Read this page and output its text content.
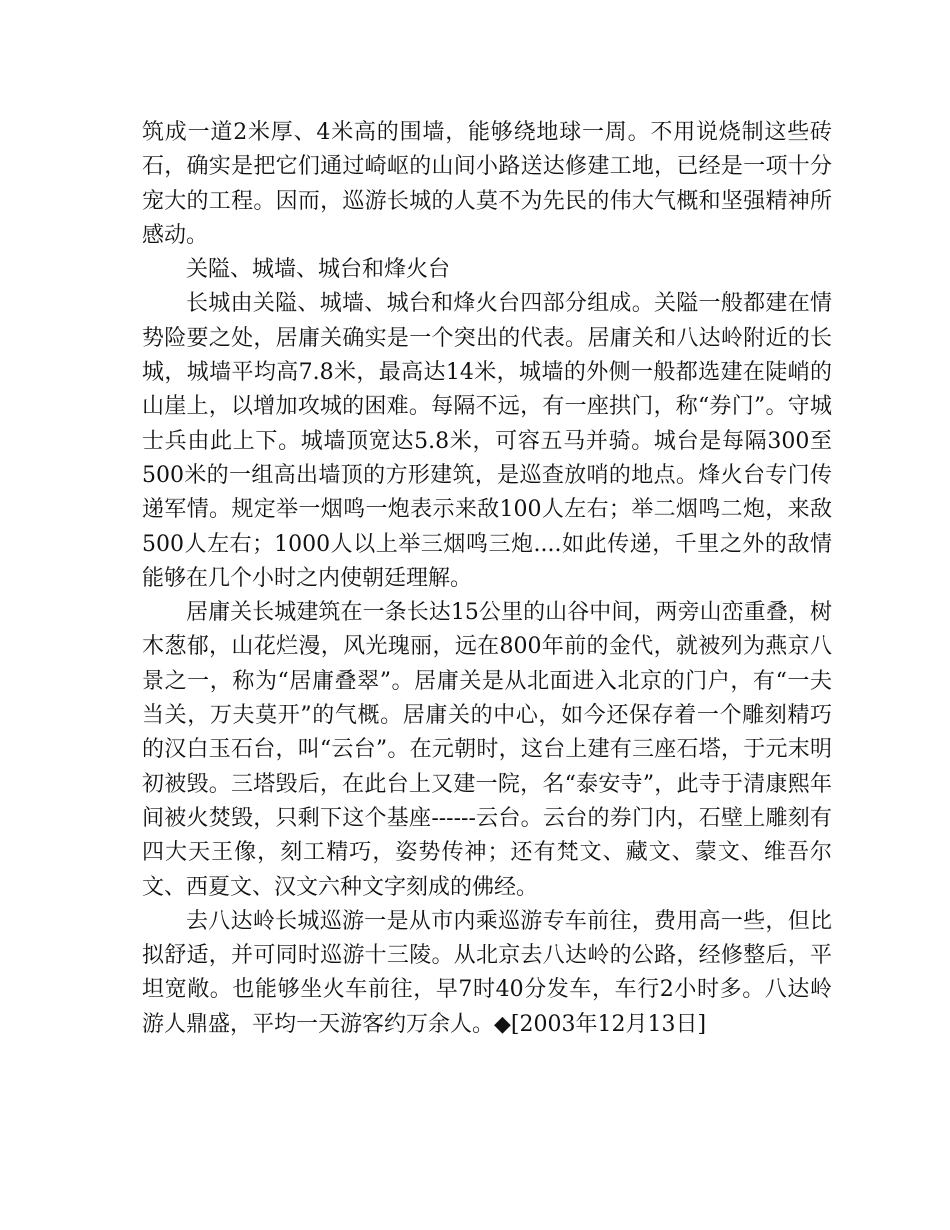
筑成一道2米厚、4米高的围墙，能够绕地球一周。不用说烧制这些砖石，确实是把它们通过崎岖的山间小路送达修建工地，已经是一项十分宠大的工程。因而，巡游长城的人莫不为先民的伟大气概和坚强精神所感动。

关隘、城墙、城台和烽火台

长城由关隘、城墙、城台和烽火台四部分组成。关隘一般都建在情势险要之处，居庸关确实是一个突出的代表。居庸关和八达岭附近的长城，城墙平均高7.8米，最高达14米，城墙的外侧一般都选建在陡峭的山崖上，以增加攻城的困难。每隔不远，有一座拱门，称“券门”。守城士兵由此上下。城墙顶宽达5.8米，可容五马并骑。城台是每隔300至500米的一组高出墙顶的方形建筑，是巡查放哨的地点。烽火台专门传递军情。规定举一烟鸣一炮表示来敌100人左右；举二烟鸣二炮，来敌500人左右；1000人以上举三烟鸣三炮....如此传递，千里之外的敌情能够在几个小时之内使朝廷理解。

居庸关长城建筑在一条长达15公里的山谷中间，两旁山峦重叠，树木葱郁，山花烂漫，风光瑰丽，远在800年前的金代，就被列为燕京八景之一，称为“居庸叠翠”。居庸关是从北面进入北京的门户，有“一夫当关，万夫莫开”的气概。居庸关的中心，如今还保存着一个雕刻精巧的汉白玉石台，叫“云台”。在元朝时，这台上建有三座石塔，于元末明初被毁。三塔毁后，在此台上又建一院，名“泰安寺”，此寺于清康熙年间被火焚毁，只剩下这个基座------云台。云台的券门内，石壁上雕刻有四大天王像，刻工精巧，姿势传神；还有梵文、藏文、蒙文、维吾尔文、西夏文、汉文六种文字刻成的佛经。

去八达岭长城巡游一是从市内乘巡游专车前往，费用高一些，但比拟舒适，并可同时巡游十三陵。从北京去八达岭的公路，经修整后，平坦宽敞。也能够坐火车前往，早7时40分发车，车行2小时多。八达岭游人鼎盛，平均一天游客约万余人。◆[2003年12月13日]
